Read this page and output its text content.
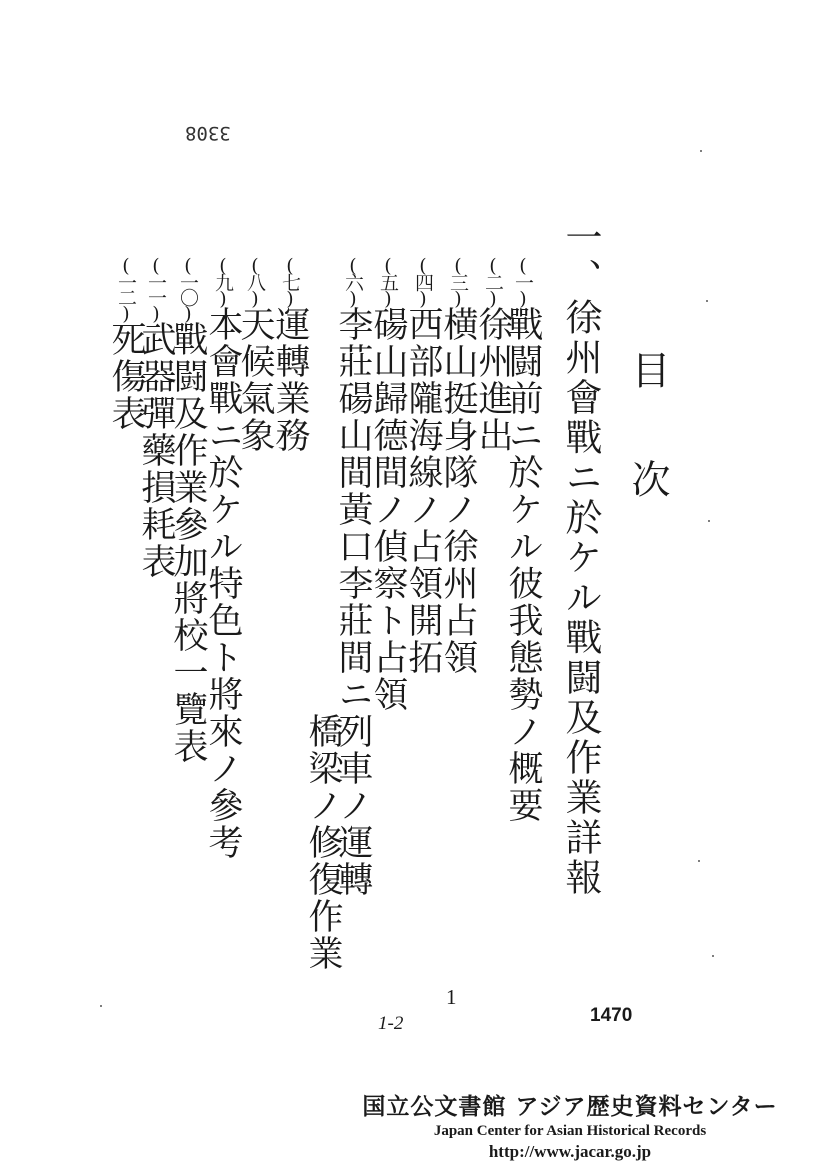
3308
一、徐州會戰ニ於ケル戰闘及作業詳報 目次
(一)戰闘前ニ於ケル彼我態勢ノ概要
(二)徐州進出
(三)横山挺身隊ノ徐州占領
(四)西部隴海線ノ占領開拓
(五)碭山歸德間ノ偵察ト占領
(六)李莊碭山間黃口李莊間ニ列車ノ運轉
橋梁ノ修復作業
(七)運轉業務
(八)天候氣象
(九)本會戰ニ於ケル特色ト將來ノ參考
(一〇)戰闘及作業參加將校一覽表
(一一)武器彈藥損耗表
(一二)死傷表
1
1-2	1470
国立公文書館 アジア歴史資料センター
Japan Center for Asian Historical Records
http://www.jacar.go.jp
